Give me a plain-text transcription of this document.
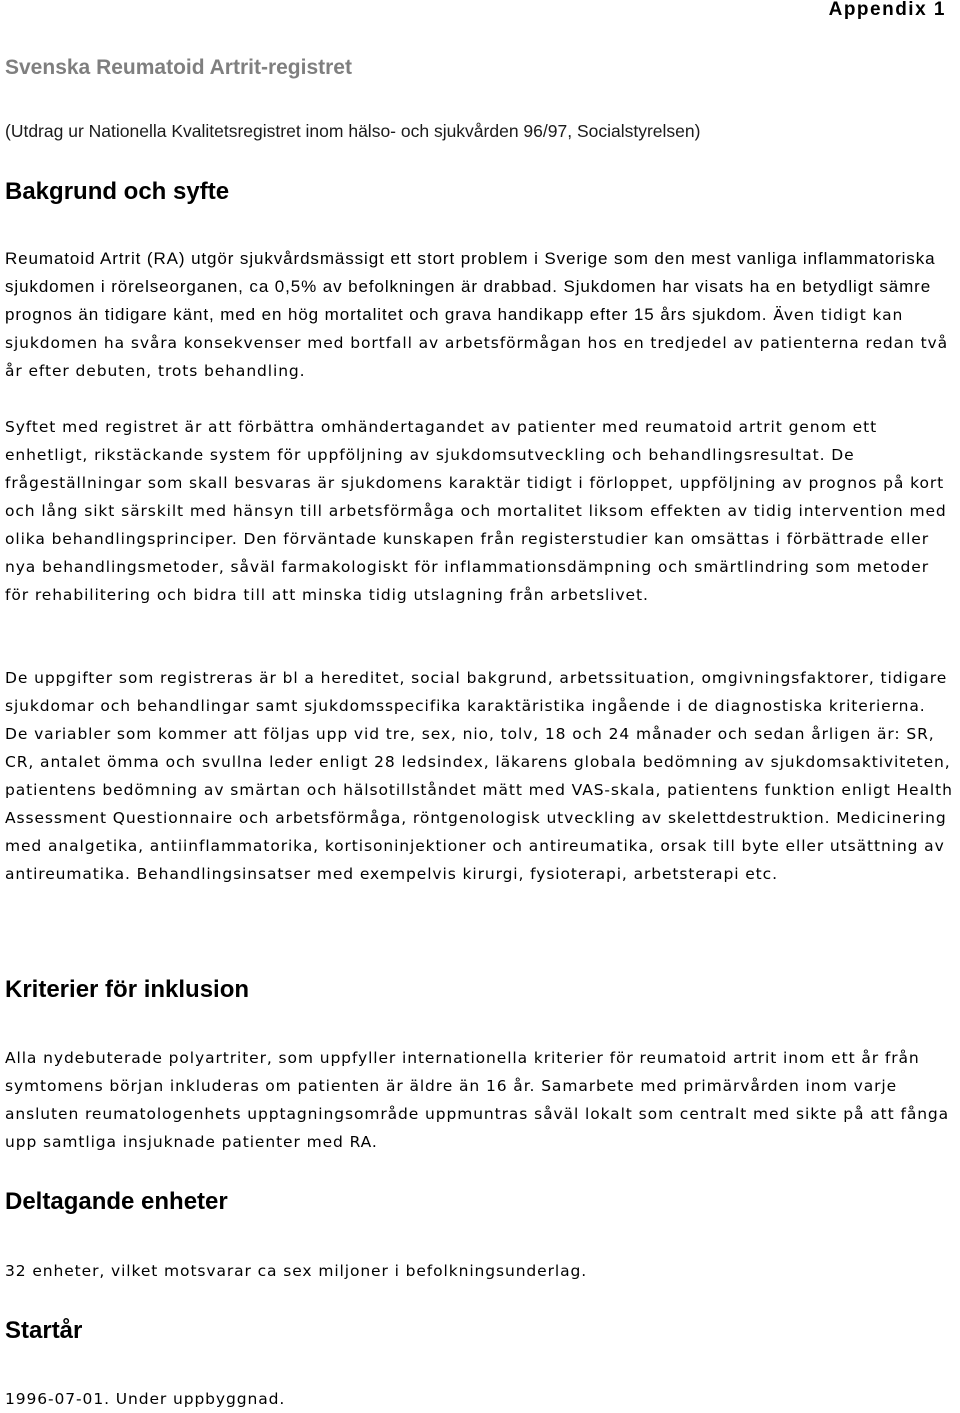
Appendix 1

Svenska Reumatoid Artrit-registret

(Utdrag ur Nationella Kvalitetsregistret inom hälso- och sjukvården 96/97, Socialstyrelsen)

Bakgrund och syfte

Reumatoid Artrit (RA) utgör sjukvårdsmässigt ett stort problem i Sverige som den mest vanliga inflammatoriska sjukdomen i rörelseorganen, ca 0,5% av befolkningen är drabbad. Sjukdomen har visats ha en betydligt sämre prognos än tidigare känt, med en hög mortalitet och grava handikapp efter 15 års sjukdom. Även tidigt kan sjukdomen ha svåra konsekvenser med bortfall av arbetsförmågan hos en tredjedel av patienterna redan två år efter debuten, trots behandling.

Syftet med registret är att förbättra omhändertagandet av patienter med reumatoid artrit genom ett enhetligt, rikstäckande system för uppföljning av sjukdomsutveckling och behandlingsresultat. De frågeställningar som skall besvaras är sjukdomens karaktär tidigt i förloppet, uppföljning av prognos på kort och lång sikt särskilt med hänsyn till arbetsförmåga och mortalitet liksom effekten av tidig intervention med olika behandlingsprinciper. Den förväntade kunskapen från registerstudier kan omsättas i förbättrade eller nya behandlingsmetoder, såväl farmakologiskt för inflammationsdämpning och smärtlindring som metoder för rehabilitering och bidra till att minska tidig utslagning från arbetslivet.

De uppgifter som registreras är bl a hereditet, social bakgrund, arbetssituation, omgivningsfaktorer, tidigare sjukdomar och behandlingar samt sjukdomsspecifika karaktäristika ingående i de diagnostiska kriterierna. De variabler som kommer att följas upp vid tre, sex, nio, tolv, 18 och 24 månader och sedan årligen är: SR, CR, antalet ömma och svullna leder enligt 28 ledsindex, läkarens globala bedömning av sjukdomsaktiviteten, patientens bedömning av smärtan och hälsotillståndet mätt med VAS-skala, patientens funktion enligt Health Assessment Questionnaire och arbetsförmåga, röntgenologisk utveckling av skelettdestruktion. Medicinering med analgetika, antiinflammatorika, kortisoninjektioner och antireumatika, orsak till byte eller utsättning av antireumatika. Behandlingsinsatser med exempelvis kirurgi, fysioterapi, arbetsterapi etc.

Kriterier för inklusion

Alla nydebuterade polyartriter, som uppfyller internationella kriterier för reumatoid artrit inom ett år från symtomens början inkluderas om patienten är äldre än 16 år. Samarbete med primärvården inom varje ansluten reumatologenhets upptagningsområde uppmuntras såväl lokalt som centralt med sikte på att fånga upp samtliga insjuknade patienter med RA.

Deltagande enheter

32 enheter, vilket motsvarar ca sex miljoner i befolkningsunderlag.

Startår

1996-07-01. Under uppbyggnad.
